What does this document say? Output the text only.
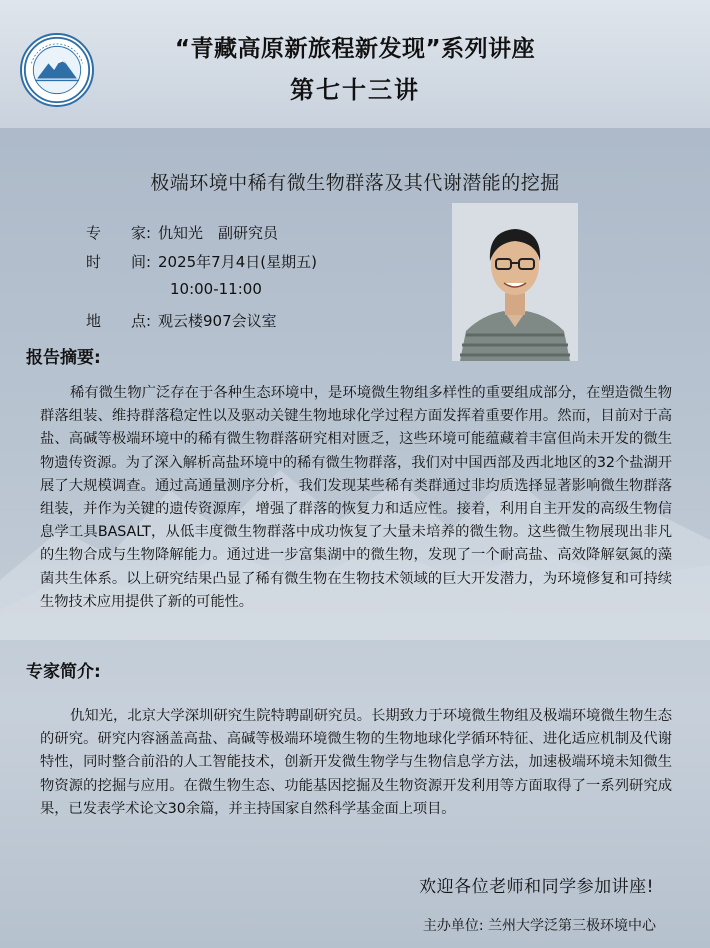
“青藏高原新旅程新发现”系列讲座
第七十三讲
极端环境中稀有微生物群落及其代谢潜能的挖掘
专　　家: 仇知光　副研究员
时　　间: 2025年7月4日(星期五)
10:00-11:00
地　　点: 观云楼907会议室
报告摘要:
稀有微生物广泛存在于各种生态环境中，是环境微生物组多样性的重要组成部分，在塑造微生物群落组装、维持群落稳定性以及驱动关键生物地球化学过程方面发挥着重要作用。然而，目前对于高盐、高碱等极端环境中的稀有微生物群落研究相对匮乏，这些环境可能蕴藏着丰富但尚未开发的微生物遗传资源。为了深入解析高盐环境中的稀有微生物群落，我们对中国西部及西北地区的32个盐湖开展了大规模调查。通过高通量测序分析，我们发现某些稀有类群通过非均质选择显著影响微生物群落组装，并作为关键的遗传资源库，增强了群落的恢复力和适应性。接着，利用自主开发的高级生物信息学工具BASALT，从低丰度微生物群落中成功恢复了大量未培养的微生物。这些微生物展现出非凡的生物合成与生物降解能力。通过进一步富集湖中的微生物，发现了一个耐高盐、高效降解氨氮的藻菌共生体系。以上研究结果凸显了稀有微生物在生物技术领域的巨大开发潜力，为环境修复和可持续生物技术应用提供了新的可能性。
专家简介:
仇知光，北京大学深圳研究生院特聘副研究员。长期致力于环境微生物组及极端环境微生物生态的研究。研究内容涵盖高盐、高碱等极端环境微生物的生物地球化学循环特征、进化适应机制及代谢特性，同时整合前沿的人工智能技术，创新开发微生物学与生物信息学方法，加速极端环境未知微生物资源的挖掘与应用。在微生物生态、功能基因挖掘及生物资源开发利用等方面取得了一系列研究成果，已发表学术论文30余篇，并主持国家自然科学基金面上项目。
欢迎各位老师和同学参加讲座!
主办单位: 兰州大学泛第三极环境中心
